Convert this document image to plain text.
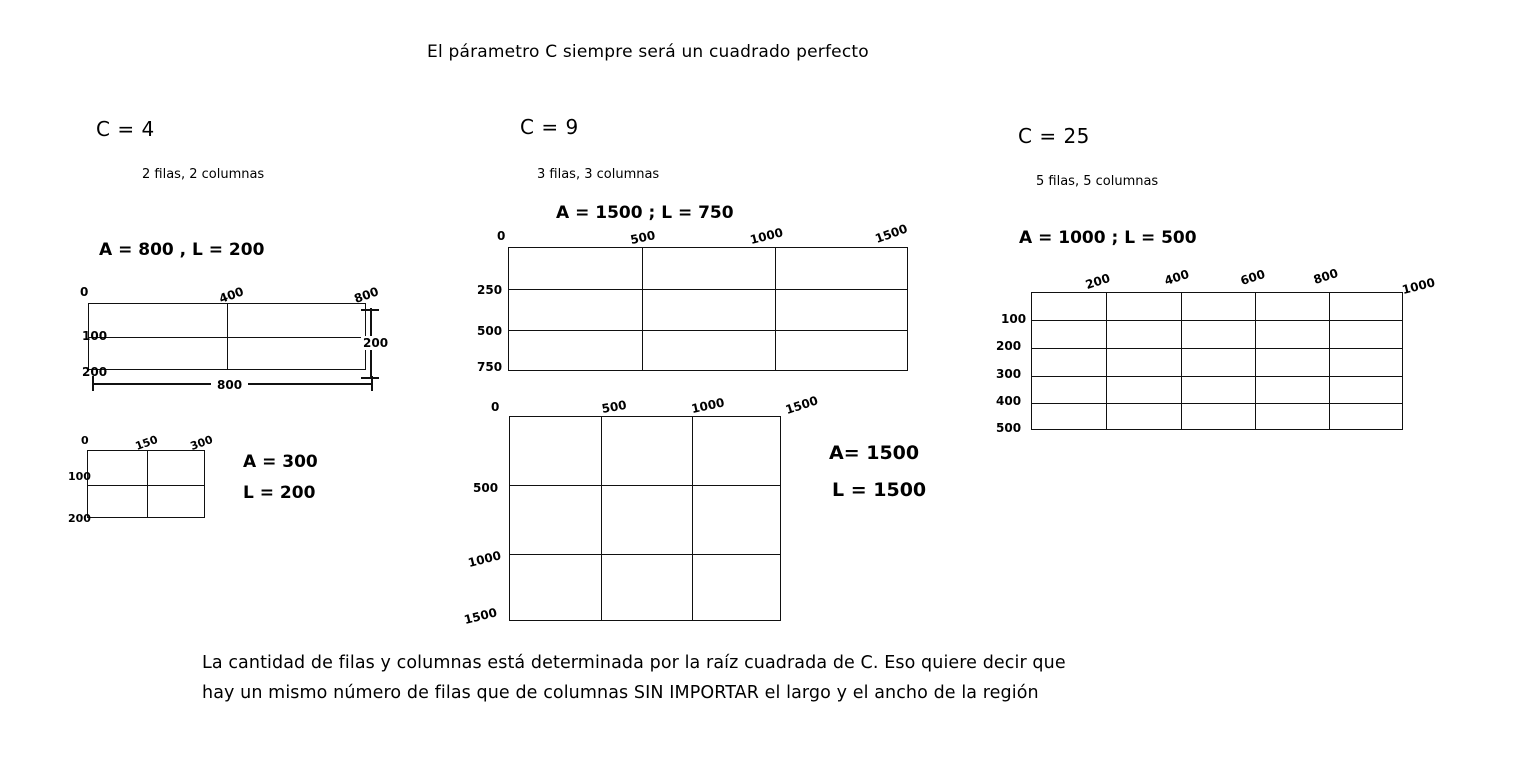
El párametro C siempre será un cuadrado perfecto
C = 4
2 filas, 2 columnas
A = 800 , L = 200
0	400	800
100
200
800
200
0	150	300
100
200
A = 300
L = 200
C = 9
3 filas, 3 columnas
A = 1500 ; L = 750
0	500	1000	1500
250
500
750
0	500	1000	1500
500
1000
1500
A= 1500
L = 1500
C = 25
5 filas, 5 columnas
A = 1000 ; L = 500
200	400	600	800	1000
100
200
300
400
500
La cantidad de filas y columnas está determinada por la raíz cuadrada de C. Eso quiere decir que
hay un mismo número de filas que de columnas SIN IMPORTAR el largo y el ancho de la región
